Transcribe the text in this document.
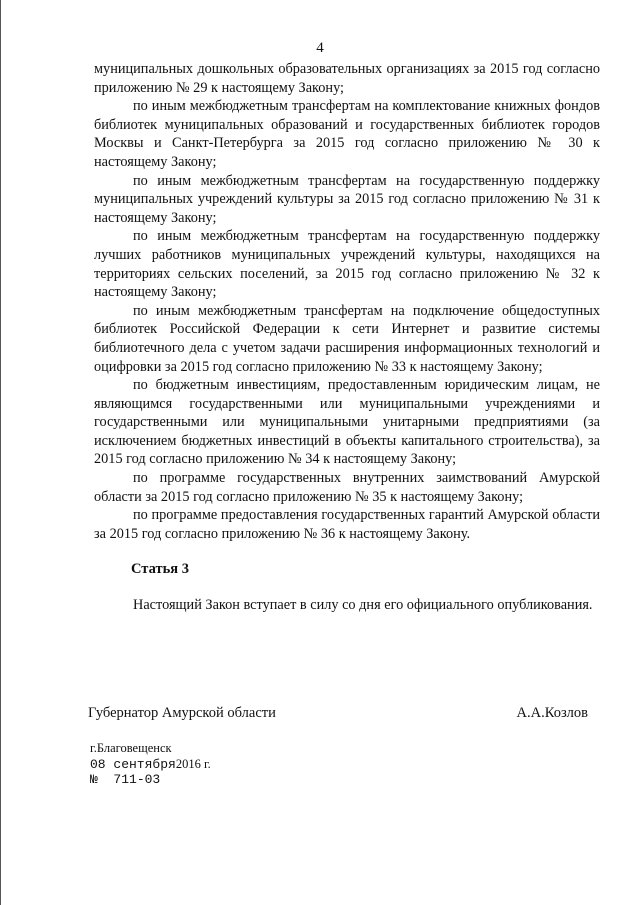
4

муниципальных дошкольных образовательных организациях за 2015 год согласно приложению № 29 к настоящему Закону;

по иным межбюджетным трансфертам на комплектование книжных фондов библиотек муниципальных образований и государственных библиотек городов Москвы и Санкт-Петербурга за 2015 год согласно приложению № 30 к настоящему Закону;

по иным межбюджетным трансфертам на государственную поддержку муниципальных учреждений культуры за 2015 год согласно приложению № 31 к настоящему Закону;

по иным межбюджетным трансфертам на государственную поддержку лучших работников муниципальных учреждений культуры, находящихся на территориях сельских поселений, за 2015 год согласно приложению № 32 к настоящему Закону;

по иным межбюджетным трансфертам на подключение общедоступных библиотек Российской Федерации к сети Интернет и развитие системы библиотечного дела с учетом задачи расширения информационных технологий и оцифровки за 2015 год согласно приложению № 33 к настоящему Закону;

по бюджетным инвестициям, предоставленным юридическим лицам, не являющимся государственными или муниципальными учреждениями и государственными или муниципальными унитарными предприятиями (за исключением бюджетных инвестиций в объекты капитального строительства), за 2015 год согласно приложению № 34 к настоящему Закону;

по программе государственных внутренних заимствований Амурской области за 2015 год согласно приложению № 35 к настоящему Закону;

по программе предоставления государственных гарантий Амурской области за 2015 год согласно приложению № 36 к настоящему Закону.

Статья 3

Настоящий Закон вступает в силу со дня его официального опубликования.

Губернатор Амурской области	А.А.Козлов
г.Благовещенск
08 сентября2016 г.
№ 711-03
